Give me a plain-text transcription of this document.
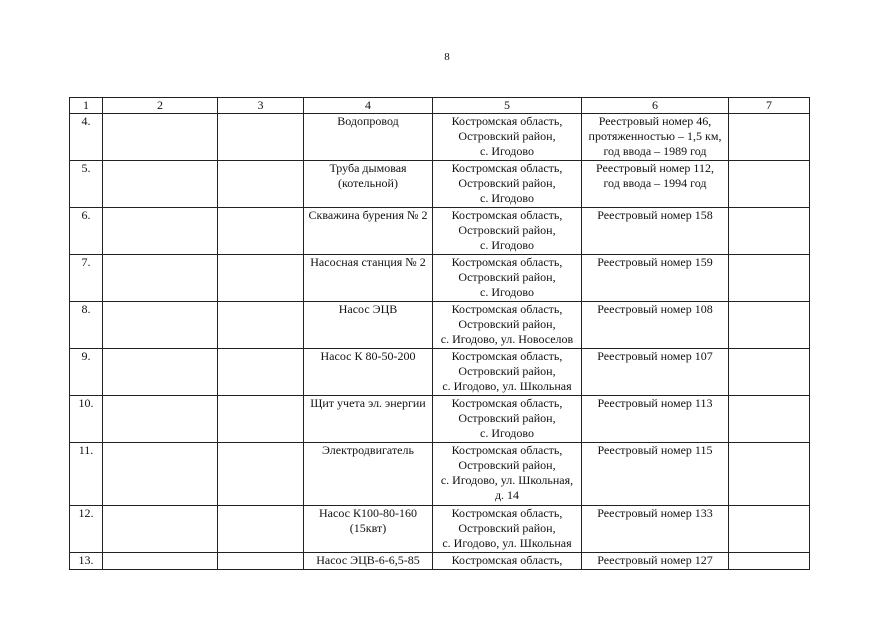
8
1	2	3	4	5	6	7

4.			Водопровод	Костромская область,
Островский район,
с. Игодово	Реестровый номер 46,
протяженностью – 1,5 км,
год ввода – 1989 год	

5.			Труба дымовая
(котельной)	Костромская область,
Островский район,
с. Игодово	Реестровый номер 112,
год ввода – 1994 год	

6.			Скважина бурения № 2	Костромская область,
Островский район,
с. Игодово	Реестровый номер 158	

7.			Насосная станция № 2	Костромская область,
Островский район,
с. Игодово	Реестровый номер 159	

8.			Насос ЭЦВ	Костромская область,
Островский район,
с. Игодово, ул. Новоселов	Реестровый номер 108	

9.			Насос К 80-50-200	Костромская область,
Островский район,
с. Игодово, ул. Школьная	Реестровый номер 107	

10.			Щит учета эл. энергии	Костромская область,
Островский район,
с. Игодово	Реестровый номер 113	

11.			Электродвигатель	Костромская область,
Островский район,
с. Игодово, ул. Школьная,
д. 14	Реестровый номер 115	

12.			Насос К100-80-160
(15квт)	Костромская область,
Островский район,
с. Игодово, ул. Школьная	Реестровый номер 133	

13.			Насос ЭЦВ-6-6,5-85	Костромская область,	Реестровый номер 127	
